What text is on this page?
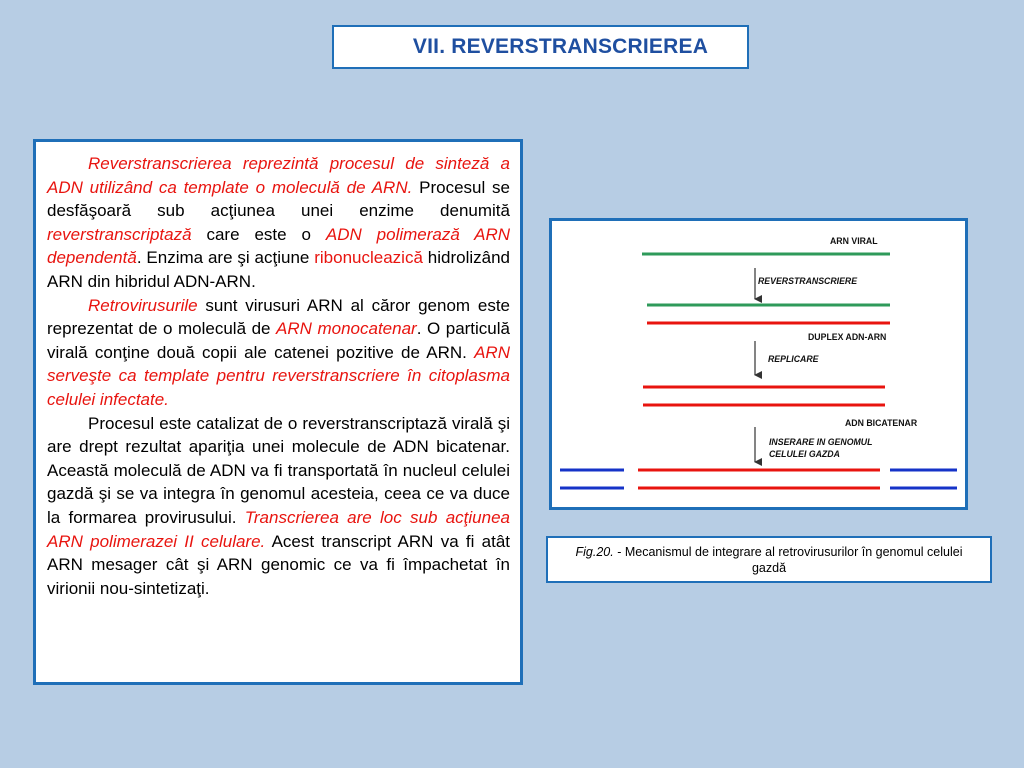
VII. REVERSTRANSCRIEREA

Reverstranscrierea reprezintă procesul de sinteză a ADN utilizând ca template o moleculă de ARN. Procesul se desfăşoară sub acţiunea unei enzime denumită reverstranscriptază care este o ADN polimerază ARN dependentă. Enzima are şi acţiune ribonucleazică hidrolizând ARN din hibridul ADN-ARN.

Retrovirusurile sunt virusuri ARN al căror genom este reprezentat de o moleculă de ARN monocatenar. O particulă virală conţine două copii ale catenei pozitive de ARN. ARN serveşte ca template pentru reverstranscriere în citoplasma celulei infectate.

Procesul este catalizat de o reverstranscriptază virală şi are drept rezultat apariţia unei molecule de ADN bicatenar. Această moleculă de ADN va fi transportată în nucleul celulei gazdă şi se va integra în genomul acesteia, ceea ce va duce la formarea provirusului. Transcrierea are loc sub acţiunea ARN polimerazei II celulare. Acest transcript ARN va fi atât ARN mesager cât şi ARN genomic ce va fi împachetat în virionii nou-sintetizaţi.

ARN VIRAL
REVERSTRANSCRIERE
DUPLEX ADN-ARN
REPLICARE
ADN BICATENAR
INSERARE IN GENOMUL
CELULEI GAZDA
Fig.20. - Mecanismul de integrare al retrovirusurilor în genomul celulei gazdă
